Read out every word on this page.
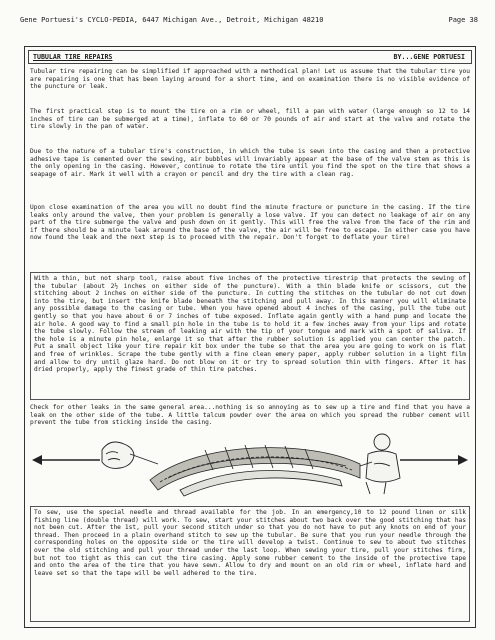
Gene Portuesi's CYCLO-PEDIA, 6447 Michigan Ave., Detroit, Michigan 48210	Page 38
TUBULAR TIRE REPAIRS	BY...GENE PORTUESI

Tubular tire repairing can be simplified if approached with a methodical plan! Let us assume that the tubular tire you are repairing is one that has been laying around for a short time, and on examination there is no visible evidence of the puncture or leak.

The first practical step is to mount the tire on a rim or wheel, fill a pan with water (large enough so 12 to 14 inches of tire can be submerged at a time), inflate to 60 or 70 pounds of air and start at the valve and rotate the tire slowly in the pan of water.

Due to the nature of a tubular tire's construction, in which the tube is sewn into the casing and then a protective adhesive tape is cemented over the sewing, air bubbles will invariably appear at the base of the valve stem as this is the only opening in the casing. However, continue to rotate the tire until you find the spot on the tire that shows a seapage of air. Mark it well with a crayon or pencil and dry the tire with a clean rag.

Upon close examination of the area you will no doubt find the minute fracture or puncture in the casing. If the tire leaks only around the valve, then your problem is generally a lose valve. If you can detect no leakage of air on any part of the tire submerge the valve and push down on it gently. This will free the valve from the face of the rim and if there should be a minute leak around the base of the valve, the air will be free to escape. In either case you have now found the leak and the next step is to proceed with the repair. Don't forget to deflate your tire!

With a thin, but not sharp tool, raise about five inches of the protective tirestrip that protects the sewing of the tubular (about 2½ inches on either side of the puncture). With a thin blade knife or scissors, cut the stitching about 2 inches on either side of the puncture. In cutting the stitches on the tubular do not cut down into the tire, but insert the knife blade beneath the stitching and pull away. In this manner you will eliminate any possible damage to the casing or tube. When you have opened about 4 inches of the casing, pull the tube out gently so that you have about 6 or 7 inches of tube exposed. Inflate again gently with a hand pump and locate the air hole. A good way to find a small pin hole in the tube is to hold it a few inches away from your lips and rotate the tube slowly. Follow the stream of leaking air with the tip of your tongue and mark with a spot of saliva. If the hole is a minute pin hole, enlarge it so that after the rubber solution is applied you can center the patch. Put a small object like your tire repair kit box under the tube so that the area you are going to work on is flat and free of wrinkles. Scrape the tube gently with a fine clean emery paper, apply rubber solution in a light film and allow to dry until glaze hard. Do not blow on it or try to spread solution thin with fingers. After it has dried properly, apply the finest grade of thin tire patches.

Check for other leaks in the same general area...nothing is so annoying as to sew up a tire and find that you have a leak on the other side of the tube. A little talcum powder over the area on which you spread the rubber cement will prevent the tube from sticking inside the casing.

To sew, use the special needle and thread available for the job. In an emergency,10 to 12 pound linen or silk fishing line (double thread) will work. To sew, start your stitches about two back over the good stitching that has not been cut. After the 1st, pull your second stitch under so that you do not have to put any knots on end of your thread. Then proceed in a plain overhand stitch to sew up the tubular. Be sure that you run your needle through the corresponding holes on the opposite side or the tire will develop a twist. Continue to sew to about two stitches over the old stitching and pull your thread under the last loop. When sewing your tire, pull your stitches firm, but not too tight as this can cut the tire casing. Apply some rubber cement to the inside of the protective tape and onto the area of the tire that you have sewn. Allow to dry and mount on an old rim or wheel, inflate hard and leave set so that the tape will be well adhered to the tire.
